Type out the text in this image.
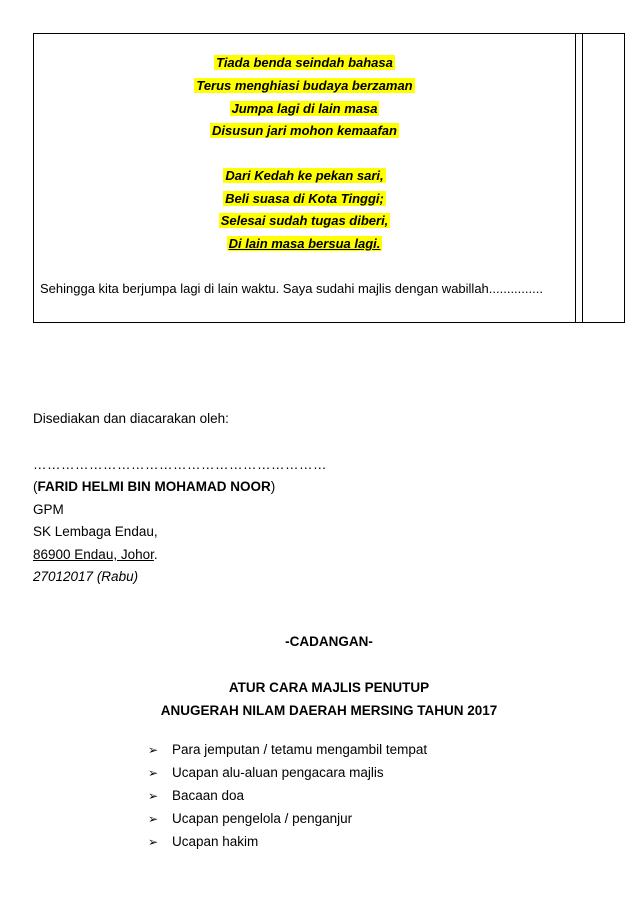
Tiada benda seindah bahasa
Terus menghiasi budaya berzaman
Jumpa lagi di lain masa
Disusun jari mohon kemaafan
Dari Kedah ke pekan sari,
Beli suasa di Kota Tinggi;
Selesai sudah tugas diberi,
Di lain masa bersua lagi.
Sehingga kita berjumpa lagi di lain waktu. Saya sudahi majlis dengan wabillah...............
Disediakan dan diacarakan oleh:
………………………………………………………
(FARID HELMI BIN MOHAMAD NOOR)
GPM
SK Lembaga Endau,
86900 Endau, Johor.
27012017 (Rabu)
-CADANGAN-
ATUR CARA MAJLIS PENUTUP
ANUGERAH NILAM DAERAH MERSING TAHUN 2017
➢ Para jemputan / tetamu mengambil tempat
➢ Ucapan alu-aluan pengacara majlis
➢ Bacaan doa
➢ Ucapan pengelola / penganjur
➢ Ucapan hakim
